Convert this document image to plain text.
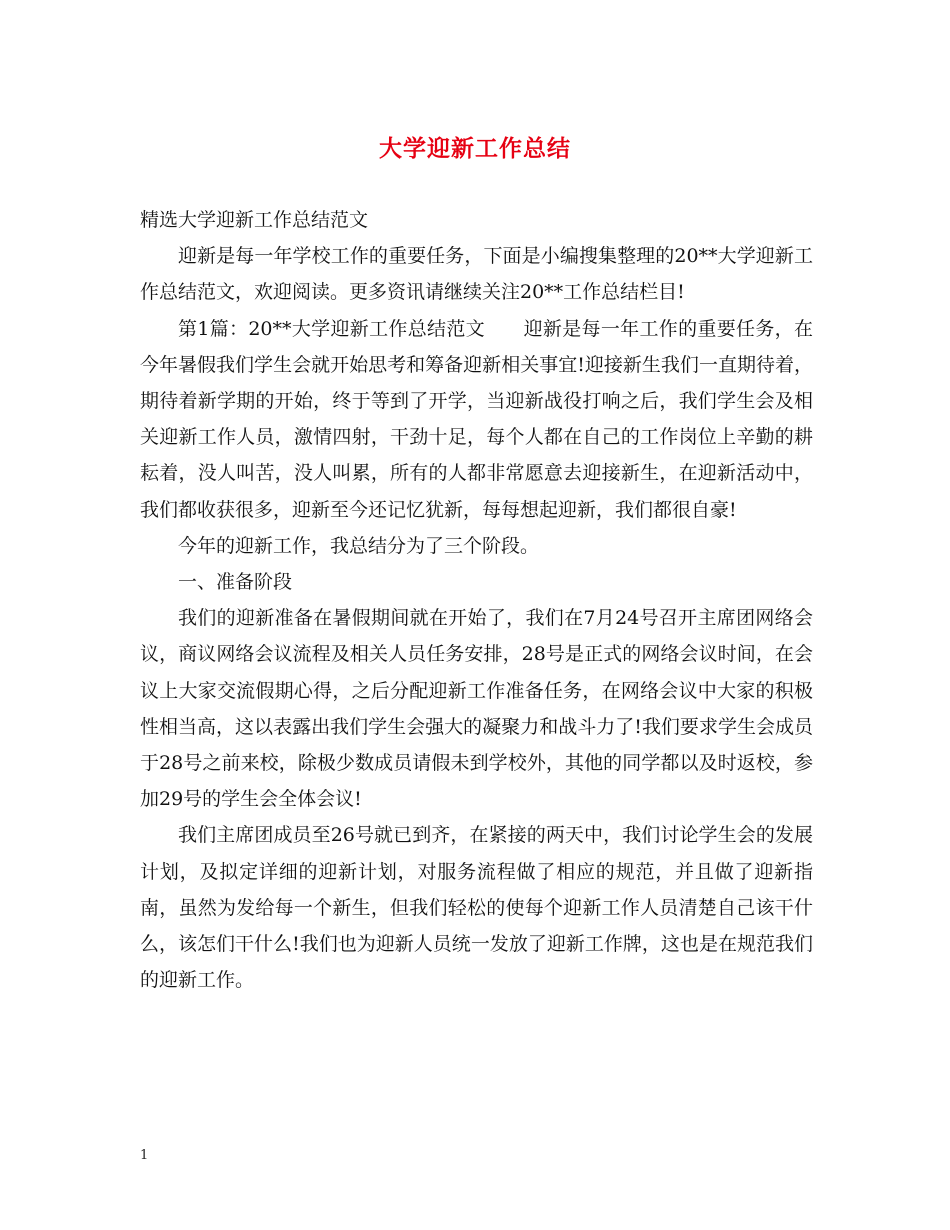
大学迎新工作总结

精选大学迎新工作总结范文

迎新是每一年学校工作的重要任务，下面是小编搜集整理的20**大学迎新工作总结范文，欢迎阅读。更多资讯请继续关注20**工作总结栏目!

第1篇：20**大学迎新工作总结范文　　迎新是每一年工作的重要任务，在今年暑假我们学生会就开始思考和筹备迎新相关事宜!迎接新生我们一直期待着，期待着新学期的开始，终于等到了开学，当迎新战役打响之后，我们学生会及相关迎新工作人员，激情四射，干劲十足，每个人都在自己的工作岗位上辛勤的耕耘着，没人叫苦，没人叫累，所有的人都非常愿意去迎接新生，在迎新活动中，我们都收获很多，迎新至今还记忆犹新，每每想起迎新，我们都很自豪!

今年的迎新工作，我总结分为了三个阶段。

一、准备阶段

我们的迎新准备在暑假期间就在开始了，我们在7月24号召开主席团网络会议，商议网络会议流程及相关人员任务安排，28号是正式的网络会议时间，在会议上大家交流假期心得，之后分配迎新工作准备任务，在网络会议中大家的积极性相当高，这以表露出我们学生会强大的凝聚力和战斗力了!我们要求学生会成员于28号之前来校，除极少数成员请假未到学校外，其他的同学都以及时返校，参加29号的学生会全体会议!

我们主席团成员至26号就已到齐，在紧接的两天中，我们讨论学生会的发展计划，及拟定详细的迎新计划，对服务流程做了相应的规范，并且做了迎新指南，虽然为发给每一个新生，但我们轻松的使每个迎新工作人员清楚自己该干什么，该怎们干什么!我们也为迎新人员统一发放了迎新工作牌，这也是在规范我们的迎新工作。

1
